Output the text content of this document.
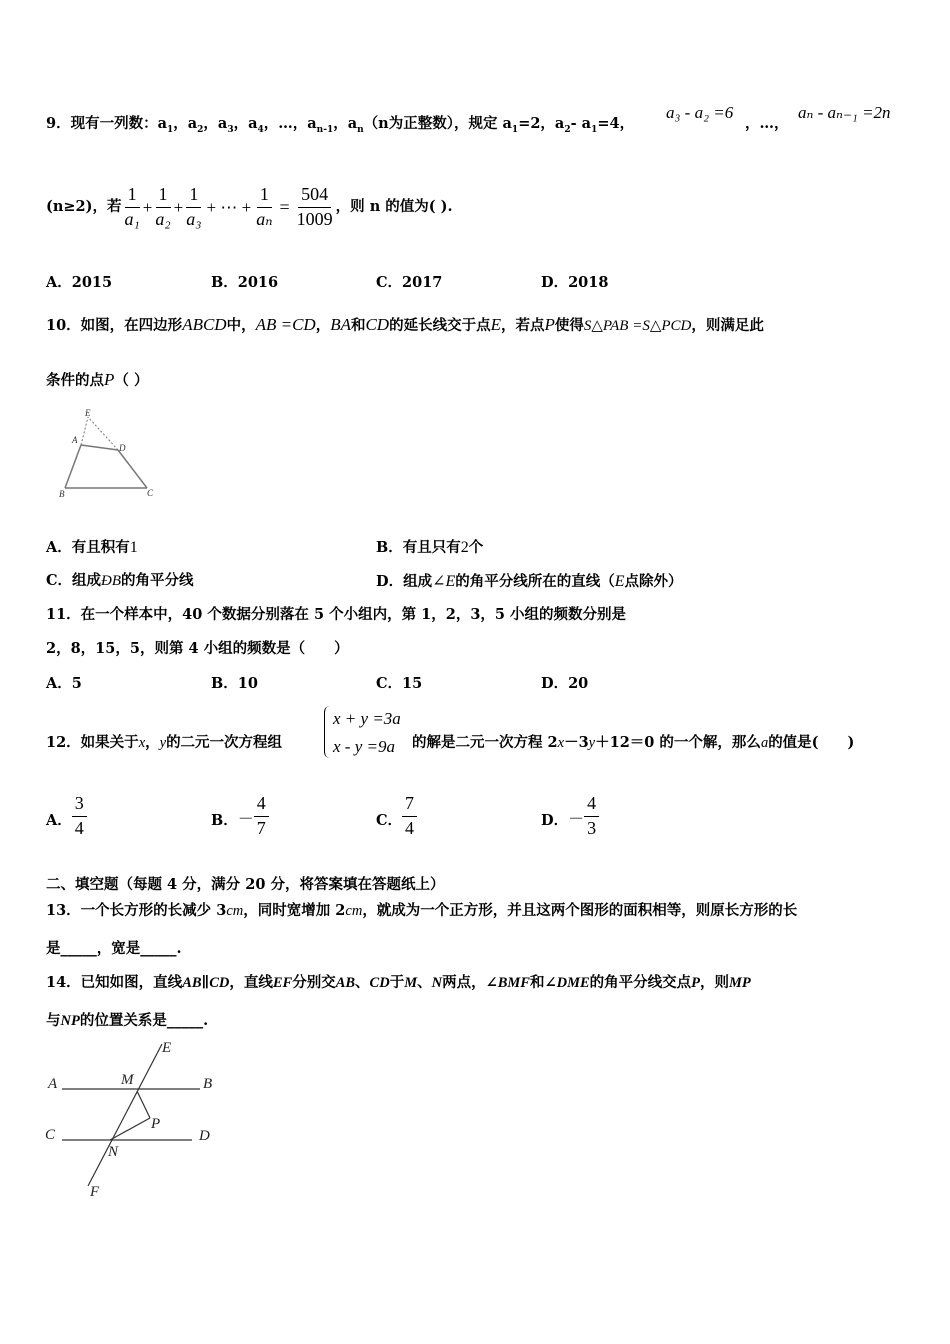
9．现有一列数：$a_1$，$a_2$，$a_3$，$a_4$，…，$a_{n-1}$，$a_n(n$为正整数），规定 $a_1=2$，$a_2-$ $a_1=4$，
a₃ - a₂ =6
，…，
aₙ - aₙ₋₁ =2n
(n≥2)，若 $\frac{1}{\text{a₁}} + \frac{1}{\text{a₂}} + \frac{1}{\text{a₃}}$ + ⋯ + $\frac{1}{\text{aₙ}} = \frac{504}{1009}$ ，则 n 的值为( ).
A．2015	B．2016	C．2017	D．2018
10．如图，在四边形ABCD中，AB =CD，BA和CD的延长线交于点E，若点P使得S△PAB =S△PCD，则满足此
条件的点P（ ）
E
A
D
B	C
A．有且积有1	B．有且只有2个
C．组成ÐB的角平分线	D．组成∠E的角平分线所在的直线（E点除外）
11．在一个样本中，40 个数据分别落在 5 个小组内，第 1，2，3，5 小组的频数分别是
2，8，15，5，则第 4 小组的频数是（　　）
A．5	B．10	C．15	D．20
12．如果关于x，y的二元一次方程组
x + y =3a
x - y =9a 的解是二元一次方程 2x－3y＋12＝0 的一个解，那么a的值是(　　)
A． $\frac{3}{4}$	B． － $\frac{4}{7}$	C． $\frac{7}{4}$	D． － $\frac{4}{3}$
二、填空题（每题 4 分，满分 20 分，将答案填在答题纸上）
13．一个长方形的长减少 3cm，同时宽增加 2cm，就成为一个正方形，并且这两个图形的面积相等，则原长方形的长
是_____，宽是_____.
14．已知如图，直线AB∥CD，直线EF分别交AB、CD于M、N两点，∠BMF和∠DME的角平分线交点P，则MP
与NP的位置关系是_____.
E
A	M	B
P
C
N
D
F
